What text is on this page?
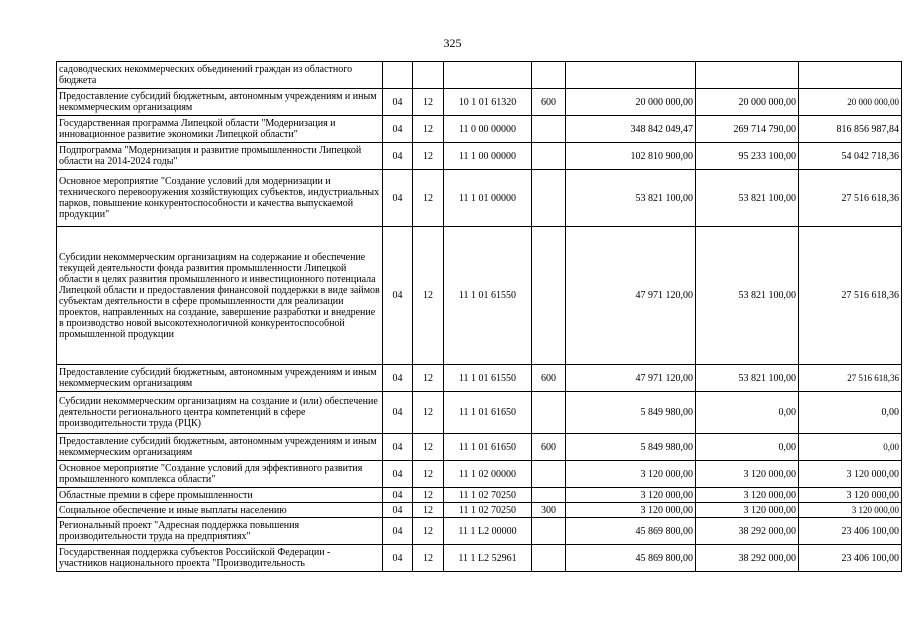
325
садоводческих некоммерческих объединений граждан из областного бюджета							
Предоставление субсидий бюджетным, автономным учреждениям и иным некоммерческим организациям	04	12	10 1 01 61320	600	20 000 000,00	20 000 000,00	20 000 000,00
Государственная программа Липецкой области "Модернизация и инновационное развитие экономики Липецкой области"	04	12	11 0 00 00000		348 842 049,47	269 714 790,00	816 856 987,84
Подпрограмма "Модернизация и развитие промышленности Липецкой области на 2014-2024 годы"	04	12	11 1 00 00000		102 810 900,00	95 233 100,00	54 042 718,36
Основное мероприятие "Создание условий для модернизации и технического перевооружения хозяйствующих субъектов, индустриальных парков, повышение конкурентоспособности и качества выпускаемой продукции"	04	12	11 1 01 00000		53 821 100,00	53 821 100,00	27 516 618,36
Субсидии некоммерческим организациям на содержание и обеспечение текущей деятельности фонда развития промышленности Липецкой области в целях развития промышленного и инвестиционного потенциала Липецкой области и предоставления финансовой поддержки в виде займов субъектам деятельности в сфере промышленности для реализации проектов, направленных на создание, завершение разработки и внедрение в производство новой высокотехнологичной конкурентоспособной промышленной продукции	04	12	11 1 01 61550		47 971 120,00	53 821 100,00	27 516 618,36
Предоставление субсидий бюджетным, автономным учреждениям и иным некоммерческим организациям	04	12	11 1 01 61550	600	47 971 120,00	53 821 100,00	27 516 618,36
Субсидии некоммерческим организациям на создание и (или) обеспечение деятельности регионального центра компетенций в сфере производительности труда (РЦК)	04	12	11 1 01 61650		5 849 980,00	0,00	0,00
Предоставление субсидий бюджетным, автономным учреждениям и иным некоммерческим организациям	04	12	11 1 01 61650	600	5 849 980,00	0,00	0,00
Основное мероприятие "Создание условий для эффективного развития промышленного комплекса области"	04	12	11 1 02 00000		3 120 000,00	3 120 000,00	3 120 000,00
Областные премии в сфере промышленности	04	12	11 1 02 70250		3 120 000,00	3 120 000,00	3 120 000,00
Социальное обеспечение и иные выплаты населению	04	12	11 1 02 70250	300	3 120 000,00	3 120 000,00	3 120 000,00
Региональный проект "Адресная поддержка повышения производительности труда на предприятиях"	04	12	11 1 L2 00000		45 869 800,00	38 292 000,00	23 406 100,00
Государственная поддержка субъектов Российской Федерации - участников национального проекта "Производительность	04	12	11 1 L2 52961		45 869 800,00	38 292 000,00	23 406 100,00
